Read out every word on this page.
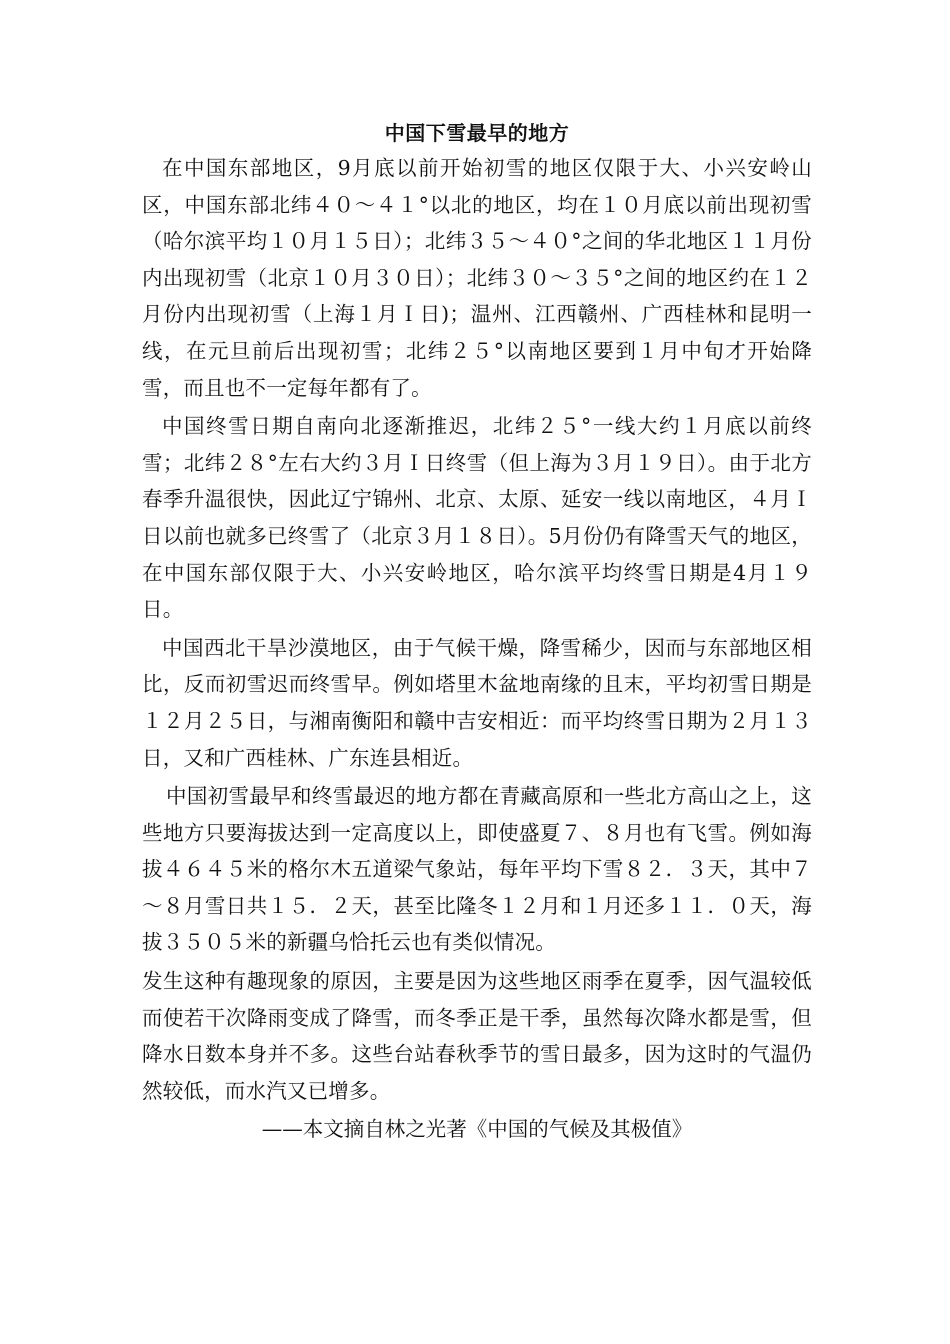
中国下雪最早的地方

在中国东部地区，9月底以前开始初雪的地区仅限于大、小兴安岭山区，中国东部北纬４０～４１°以北的地区，均在１０月底以前出现初雪（哈尔滨平均１０月１５日）；北纬３５～４０°之间的华北地区１１月份内出现初雪（北京１０月３０日）；北纬３０～３５°之间的地区约在１２月份内出现初雪（上海１月Ｉ日)；温州、江西赣州、广西桂林和昆明一线，在元旦前后出现初雪；北纬２５°以南地区要到１月中旬才开始降雪，而且也不一定每年都有了。

中国终雪日期自南向北逐渐推迟，北纬２５°一线大约１月底以前终雪；北纬２８°左右大约３月Ｉ日终雪（但上海为３月１９日）。由于北方春季升温很快，因此辽宁锦州、北京、太原、延安一线以南地区，４月Ｉ日以前也就多已终雪了（北京３月１８日）。5月份仍有降雪天气的地区，在中国东部仅限于大、小兴安岭地区，哈尔滨平均终雪日期是4月１９日。

中国西北干旱沙漠地区，由于气候干燥，降雪稀少，因而与东部地区相比，反而初雪迟而终雪早。例如塔里木盆地南缘的且末，平均初雪日期是１２月２５日，与湘南衡阳和赣中吉安相近：而平均终雪日期为２月１３日，又和广西桂林、广东连县相近。

中国初雪最早和终雪最迟的地方都在青藏高原和一些北方高山之上，这些地方只要海拔达到一定高度以上，即使盛夏７、８月也有飞雪。例如海拔４６４５米的格尔木五道梁气象站，每年平均下雪８２．３天，其中７～８月雪日共１５．２天，甚至比隆冬１２月和１月还多１１．０天，海拔３５０５米的新疆乌恰托云也有类似情况。

发生这种有趣现象的原因，主要是因为这些地区雨季在夏季，因气温较低而使若干次降雨变成了降雪，而冬季正是干季，虽然每次降水都是雪，但降水日数本身并不多。这些台站春秋季节的雪日最多，因为这时的气温仍然较低，而水汽又已增多。

——本文摘自林之光著《中国的气候及其极值》
